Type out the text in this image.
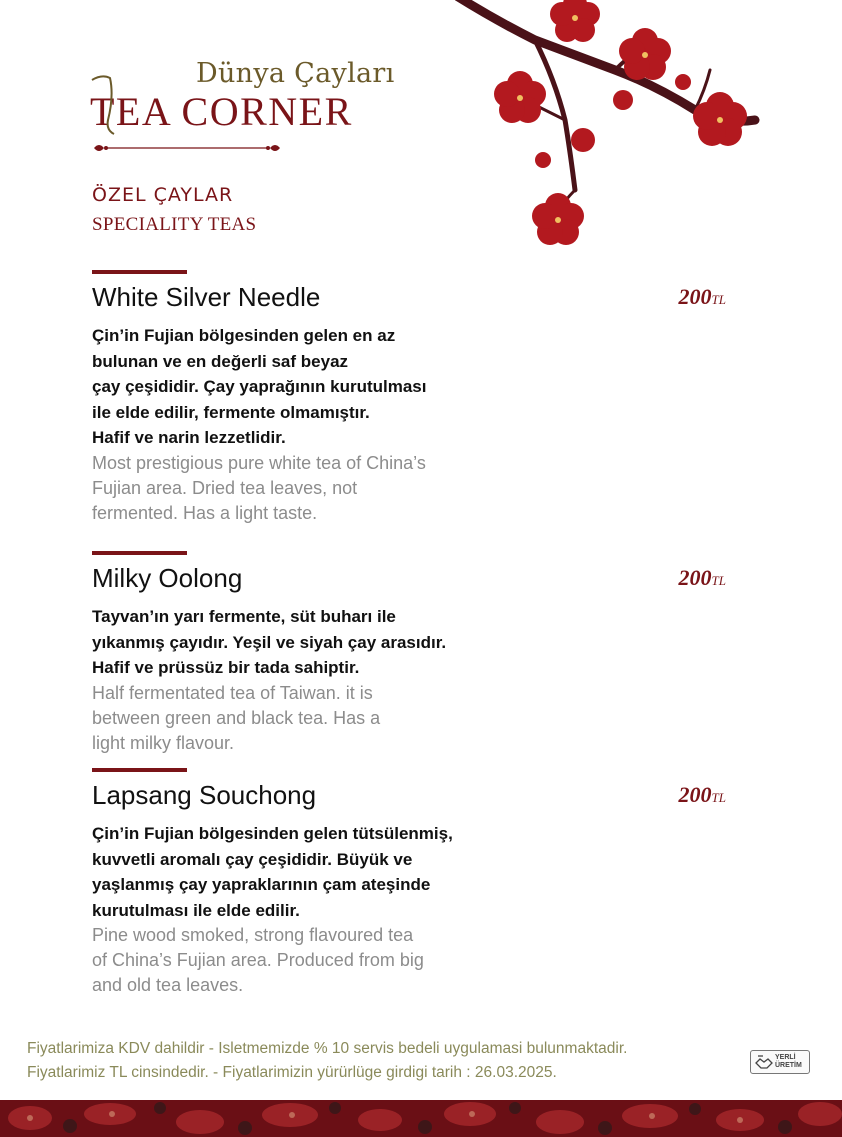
Dünya Çayları
TEA CORNER
ÖZEL ÇAYLAR
SPECIALITY TEAS
White Silver Needle	200TL
Çin’in Fujian bölgesinden gelen en az
bulunan ve en değerli saf beyaz
çay çeşididir. Çay yaprağının kurutulması
ile elde edilir, fermente olmamıştır.
Hafif ve narin lezzetlidir.
Most prestigious pure white tea of China’s
Fujian area. Dried tea leaves, not
fermented. Has a light taste.
Milky Oolong	200TL
Tayvan’ın yarı fermente, süt buharı ile
yıkanmış çayıdır. Yeşil ve siyah çay arasıdır.
Hafif ve prüssüz bir tada sahiptir.
Half fermentated tea of Taiwan. it is
between green and black tea. Has a
light milky flavour.
Lapsang Souchong	200TL
Çin’in Fujian bölgesinden gelen tütsülenmiş,
kuvvetli aromalı çay çeşididir. Büyük ve
yaşlanmış çay yapraklarının çam ateşinde
kurutulması ile elde edilir.
Pine wood smoked, strong flavoured tea
of China’s Fujian area. Produced from big
and old tea leaves.
Fiyatlarimiza KDV dahildir - Isletmemizde % 10 servis bedeli uygulamasi bulunmaktadir.
Fiyatlarimiz TL cinsindedir. - Fiyatlarimizin yürürlüge girdigi tarih : 26.03.2025.
YERLİ
ÜRETİM
